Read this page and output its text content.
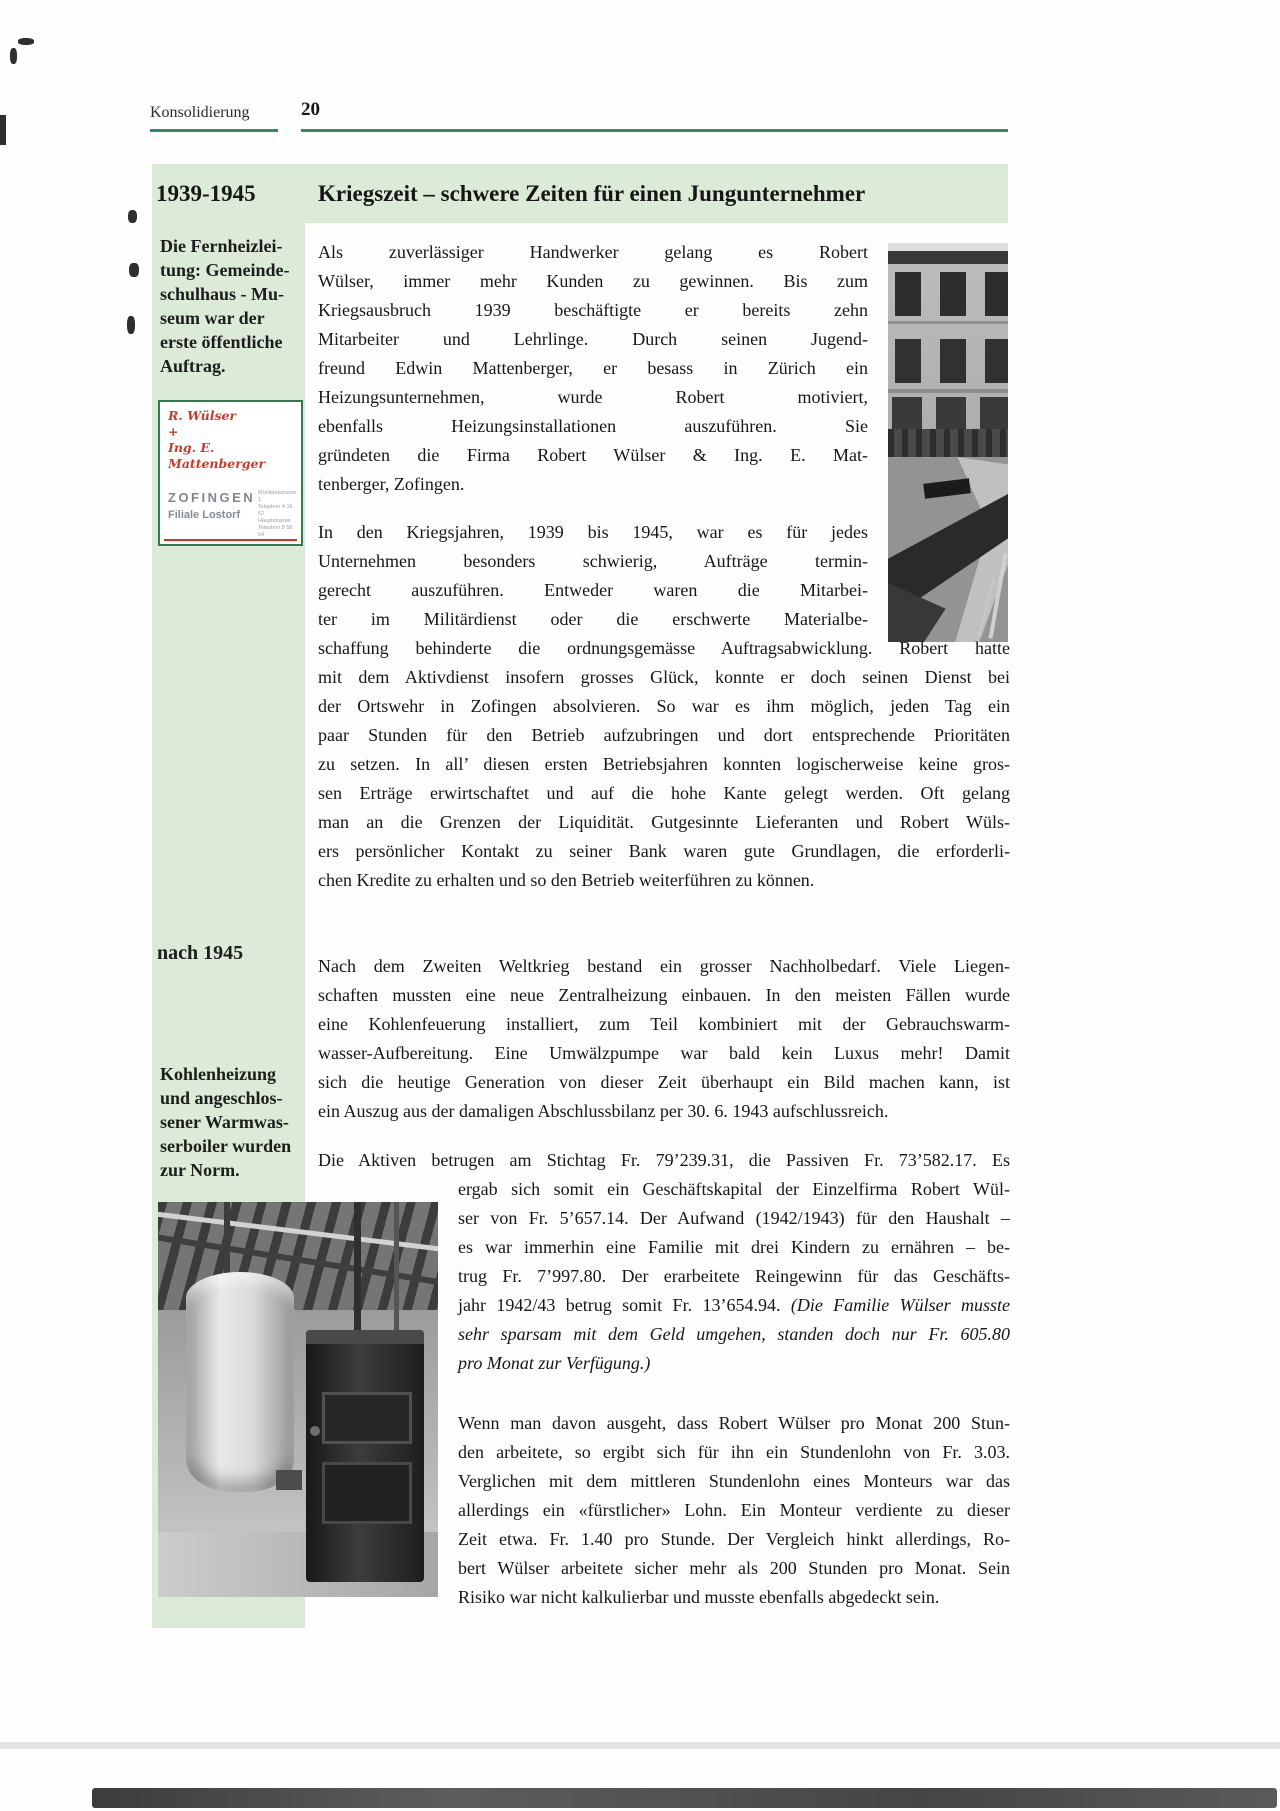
Konsolidierung	20
1939-1945	Kriegszeit – schwere Zeiten für einen Jungunternehmer
Die Fernheizlei-
tung: Gemeinde-
schulhaus - Mu-
seum war der
erste öffentliche
Auftrag.
nach 1945
Kohlenheizung
und angeschlos-
sener Warmwas-
serboiler wurden
zur Norm.
R. Wülser
+
Ing. E. Mattenberger
ZOFINGEN
Filiale Lostorf
Mühletalstrasse 1
Telephon 4 16 52
Hauptstrasse
Telephon 8 58 54
Als zuverlässiger Handwerker gelang es Robert
Wülser, immer mehr Kunden zu gewinnen. Bis zum
Kriegsausbruch 1939 beschäftigte er bereits zehn
Mitarbeiter und Lehrlinge. Durch seinen Jugend-
freund Edwin Mattenberger, er besass in Zürich ein
Heizungsunternehmen, wurde Robert motiviert,
ebenfalls Heizungsinstallationen auszuführen. Sie
gründeten die Firma Robert Wülser & Ing. E. Mat-
tenberger, Zofingen.
In den Kriegsjahren, 1939 bis 1945, war es für jedes
Unternehmen besonders schwierig, Aufträge termin-
gerecht auszuführen. Entweder waren die Mitarbei-
ter im Militärdienst oder die erschwerte Materialbe-
schaffung behinderte die ordnungsgemässe Auftragsabwicklung. Robert hatte
mit dem Aktivdienst insofern grosses Glück, konnte er doch seinen Dienst bei
der Ortswehr in Zofingen absolvieren. So war es ihm möglich, jeden Tag ein
paar Stunden für den Betrieb aufzubringen und dort entsprechende Prioritäten
zu setzen. In all’ diesen ersten Betriebsjahren konnten logischerweise keine gros-
sen Erträge erwirtschaftet und auf die hohe Kante gelegt werden. Oft gelang
man an die Grenzen der Liquidität. Gutgesinnte Lieferanten und Robert Wüls-
ers persönlicher Kontakt zu seiner Bank waren gute Grundlagen, die erforderli-
chen Kredite zu erhalten und so den Betrieb weiterführen zu können.
Nach dem Zweiten Weltkrieg bestand ein grosser Nachholbedarf. Viele Liegen-
schaften mussten eine neue Zentralheizung einbauen. In den meisten Fällen wurde
eine Kohlenfeuerung installiert, zum Teil kombiniert mit der Gebrauchswarm-
wasser-Aufbereitung. Eine Umwälzpumpe war bald kein Luxus mehr! Damit
sich die heutige Generation von dieser Zeit überhaupt ein Bild machen kann, ist
ein Auszug aus der damaligen Abschlussbilanz per 30. 6. 1943 aufschlussreich.
Die Aktiven betrugen am Stichtag Fr. 79’239.31, die Passiven Fr. 73’582.17. Es
ergab sich somit ein Geschäftskapital der Einzelfirma Robert Wül-
ser von Fr. 5’657.14. Der Aufwand (1942/1943) für den Haushalt –
es war immerhin eine Familie mit drei Kindern zu ernähren – be-
trug Fr. 7’997.80. Der erarbeitete Reingewinn für das Geschäfts-
jahr 1942/43 betrug somit Fr. 13’654.94. (Die Familie Wülser musste
sehr sparsam mit dem Geld umgehen, standen doch nur Fr. 605.80
pro Monat zur Verfügung.)
Wenn man davon ausgeht, dass Robert Wülser pro Monat 200 Stun-
den arbeitete, so ergibt sich für ihn ein Stundenlohn von Fr. 3.03.
Verglichen mit dem mittleren Stundenlohn eines Monteurs war das
allerdings ein «fürstlicher» Lohn. Ein Monteur verdiente zu dieser
Zeit etwa. Fr. 1.40 pro Stunde. Der Vergleich hinkt allerdings, Ro-
bert Wülser arbeitete sicher mehr als 200 Stunden pro Monat. Sein
Risiko war nicht kalkulierbar und musste ebenfalls abgedeckt sein.
